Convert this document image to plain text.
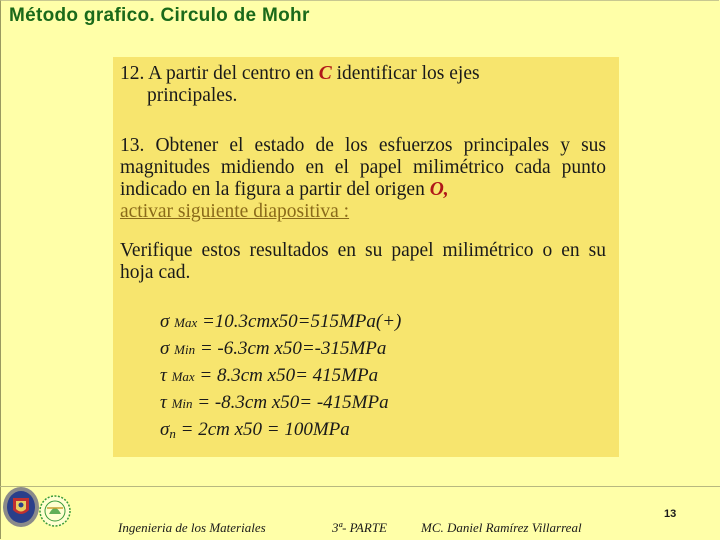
Método grafico. Circulo de Mohr

12. A partir del centro en C identificar los ejes
principales.

13. Obtener el estado de los esfuerzos principales y sus magnitudes midiendo en el papel milimétrico cada punto indicado en la figura a partir del origen O,
activar siguiente diapositiva :

Verifique estos resultados en su papel milimétrico o en su hoja cad.

σ Max =10.3cmx50=515MPa(+)
σ Min = -6.3cm x50=-315MPa
τ Max = 8.3cm x50= 415MPa
τ Min = -8.3cm x50= -415MPa
σn = 2cm x50 = 100MPa

Ingenieria de los Materiales	3ª- PARTE	MC. Daniel Ramírez Villarreal

13
